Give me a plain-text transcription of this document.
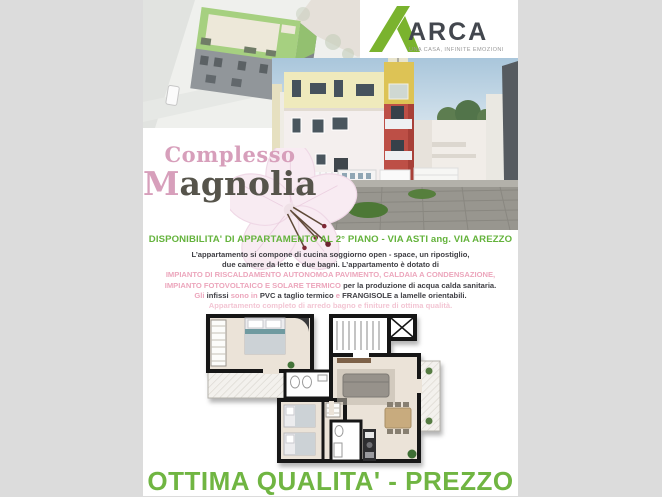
ARCA
UNA CASA, INFINITE EMOZIONI
Complesso
Magnolia
DISPONIBILITA' DI APPARTAMENTO AL 2° PIANO - VIA ASTI ang. VIA AREZZO
L’appartamento si compone di cucina soggiorno open - space, un ripostiglio,
due camere da letto e due bagni. L’appartamento è dotato di
IMPIANTO DI RISCALDAMENTO AUTONOMOA PAVIMENTO, CALDAIA A CONDENSAZIONE,
IMPIANTO FOTOVOLTAICO E SOLARE TERMICO per la produzione di acqua calda sanitaria.
Gli infissi sono in PVC a taglio termico e FRANGISOLE a lamelle orientabili.
Appartamento completo di arredo bagno e finiture di ottima qualità.
OTTIMA QUALITA' - PREZZO
